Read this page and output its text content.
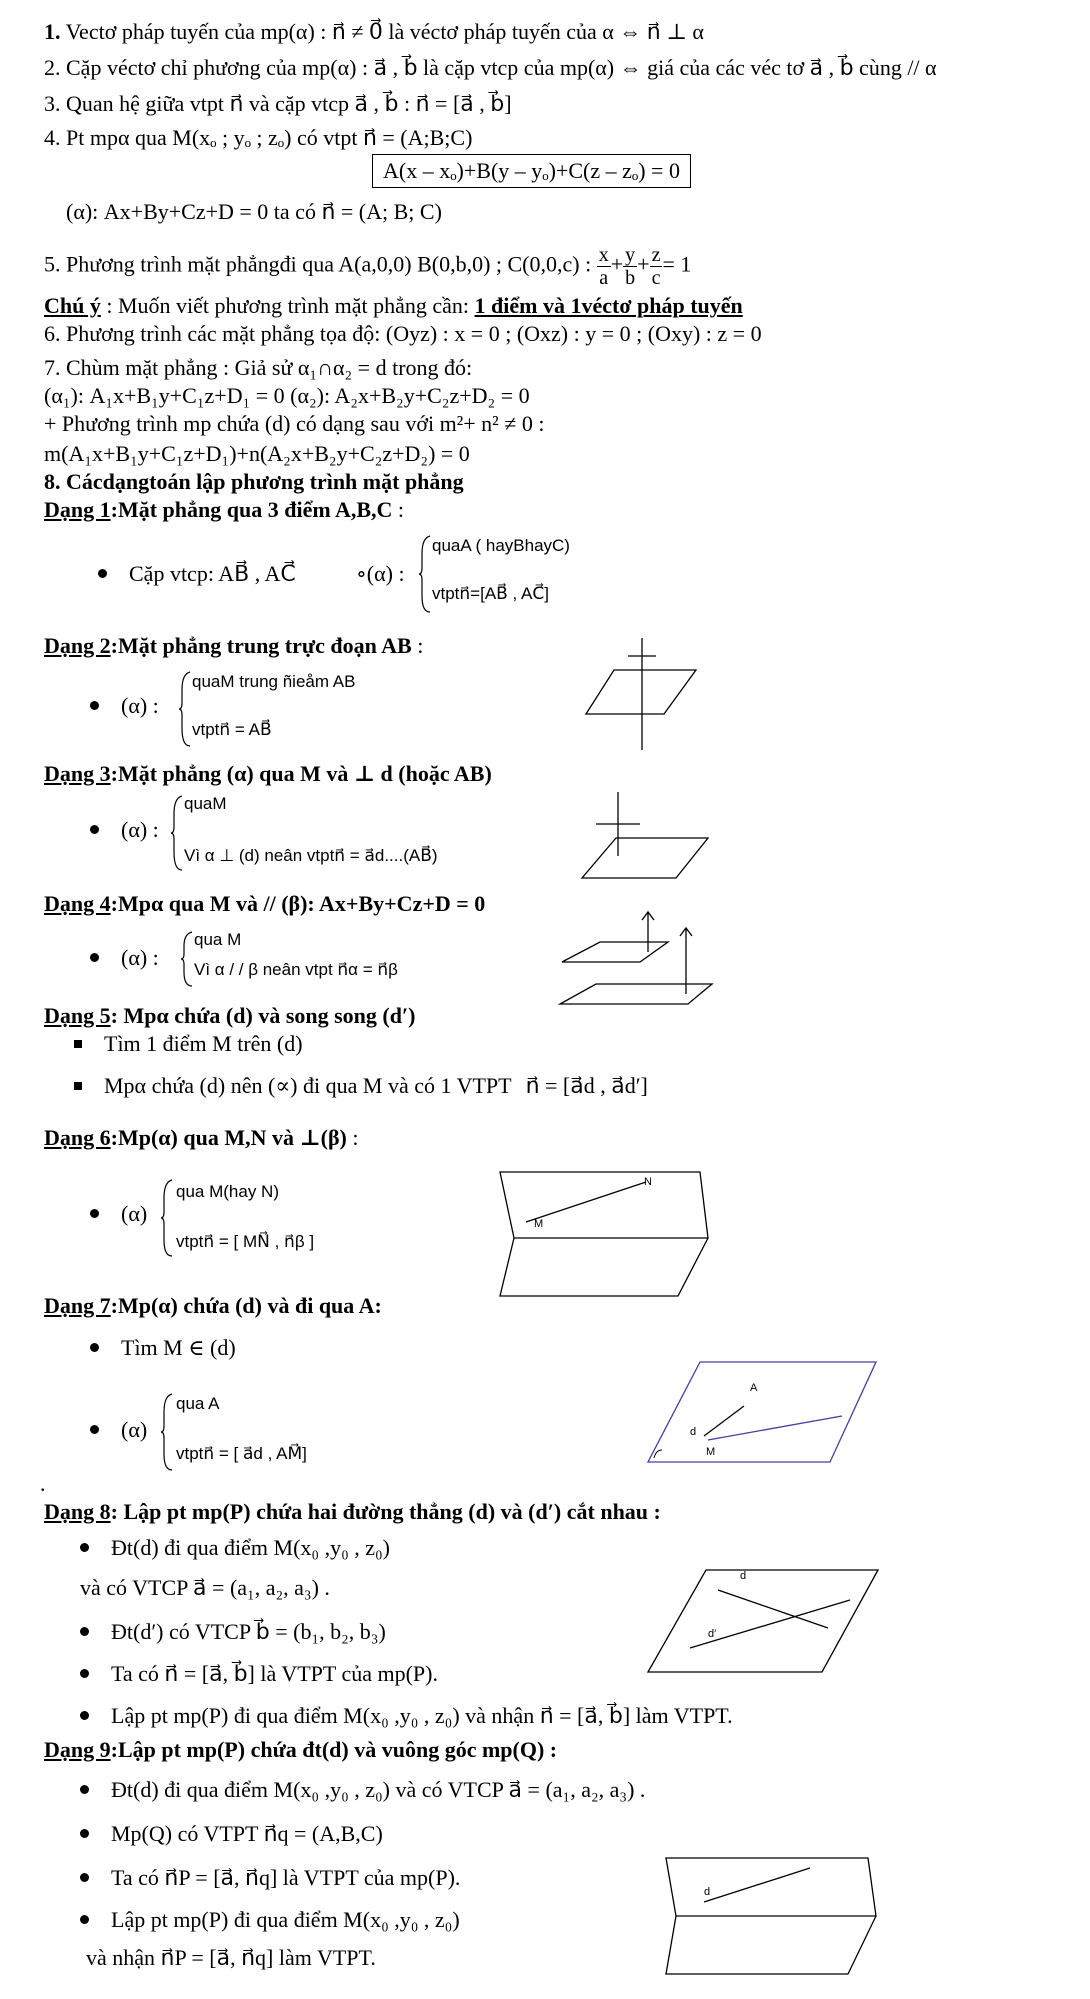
1. Vectơ pháp tuyến của mp(α) : n⃗ ≠ 0⃗ là véctơ pháp tuyến của α ⇔ n⃗ ⊥ α
2. Cặp véctơ chỉ phương của mp(α) : a⃗ , b⃗ là cặp vtcp của mp(α) ⇔ giá của các véc tơ a⃗ , b⃗ cùng // α
3. Quan hệ giữa vtpt n⃗ và cặp vtcp a⃗ , b⃗ : n⃗ = [a⃗ , b⃗]
4. Pt mpα qua M(xₒ ; yₒ ; zₒ) có vtpt n⃗ = (A;B;C)
A(x – xₒ)+B(y – yₒ)+C(z – zₒ) = 0
(α): Ax+By+Cz+D = 0 ta có n⃗ = (A; B; C)
5. Phương trình mặt phẳngđi qua A(a,0,0) B(0,b,0) ; C(0,0,c) : $\frac{x}{a} + \frac{y}{b} + \frac{z}{c} = 1$
Chú ý : Muốn viết phương trình mặt phẳng cần: 1 điểm và 1véctơ pháp tuyến
6. Phương trình các mặt phẳng tọa độ: (Oyz) : x = 0 ; (Oxz) : y = 0 ; (Oxy) : z = 0
7. Chùm mặt phẳng : Giả sử α₁∩α₂ = d trong đó:
(α₁): A₁x+B₁y+C₁z+D₁ = 0 (α₂): A₂x+B₂y+C₂z+D₂ = 0
+ Phương trình mp chứa (d) có dạng sau với m²+ n² ≠ 0 :
m(A₁x+B₁y+C₁z+D₁)+n(A₂x+B₂y+C₂z+D₂) = 0
8. Cácdạngtoán lập phương trình mặt phẳng
Dạng 1:Mặt phẳng qua 3 điểm A,B,C :
Cặp vtcp: AB⃗ , AC⃗	∘(α) :
quaA ( hayBhayC)
vtptn⃗=[AB⃗ , AC⃗]
Dạng 2:Mặt phẳng trung trực đoạn AB :
(α) :
quaM trung ñieåm AB
vtptn⃗ = AB⃗
Dạng 3:Mặt phẳng (α) qua M và ⊥ d (hoặc AB)
(α) :
quaM
Vì α ⊥ (d) neân vtptn⃗ = a⃗d....(AB⃗)
Dạng 4:Mpα qua M và // (β): Ax+By+Cz+D = 0
(α) :
qua M
Vì α / / β neân vtpt n⃗α = n⃗β
Dạng 5: Mpα chứa (d) và song song (d′)
Tìm 1 điểm M trên (d)
Mpα chứa (d) nên (∝) đi qua M và có 1 VTPT n⃗ = [a⃗d , a⃗d′]
Dạng 6:Mp(α) qua M,N và ⊥(β) :
(α)
qua M(hay N)
vtptn⃗ = [ MN⃗ , n⃗β ]
N
M
Dạng 7:Mp(α) chứa (d) và đi qua A:
Tìm M ∈ (d)
(α)
qua A
vtptn⃗ = [ a⃗d , AM⃗]
A
d
M
.
Dạng 8: Lập pt mp(P) chứa hai đường thẳng (d) và (d′) cắt nhau :
Đt(d) đi qua điểm M(x₀ ,y₀ , z₀)
và có VTCP a⃗ = (a₁, a₂, a₃) .
Đt(d′) có VTCP b⃗ = (b₁, b₂, b₃)
Ta có n⃗ = [a⃗, b⃗] là VTPT của mp(P).
Lập pt mp(P) đi qua điểm M(x₀ ,y₀ , z₀) và nhận n⃗ = [a⃗, b⃗] làm VTPT.
d
d′
Dạng 9:Lập pt mp(P) chứa đt(d) và vuông góc mp(Q) :
Đt(d) đi qua điểm M(x₀ ,y₀ , z₀) và có VTCP a⃗ = (a₁, a₂, a₃) .
Mp(Q) có VTPT n⃗q = (A,B,C)
Ta có n⃗P = [a⃗, n⃗q] là VTPT của mp(P).
Lập pt mp(P) đi qua điểm M(x₀ ,y₀ , z₀)
và nhận n⃗P = [a⃗, n⃗q] làm VTPT.
d
